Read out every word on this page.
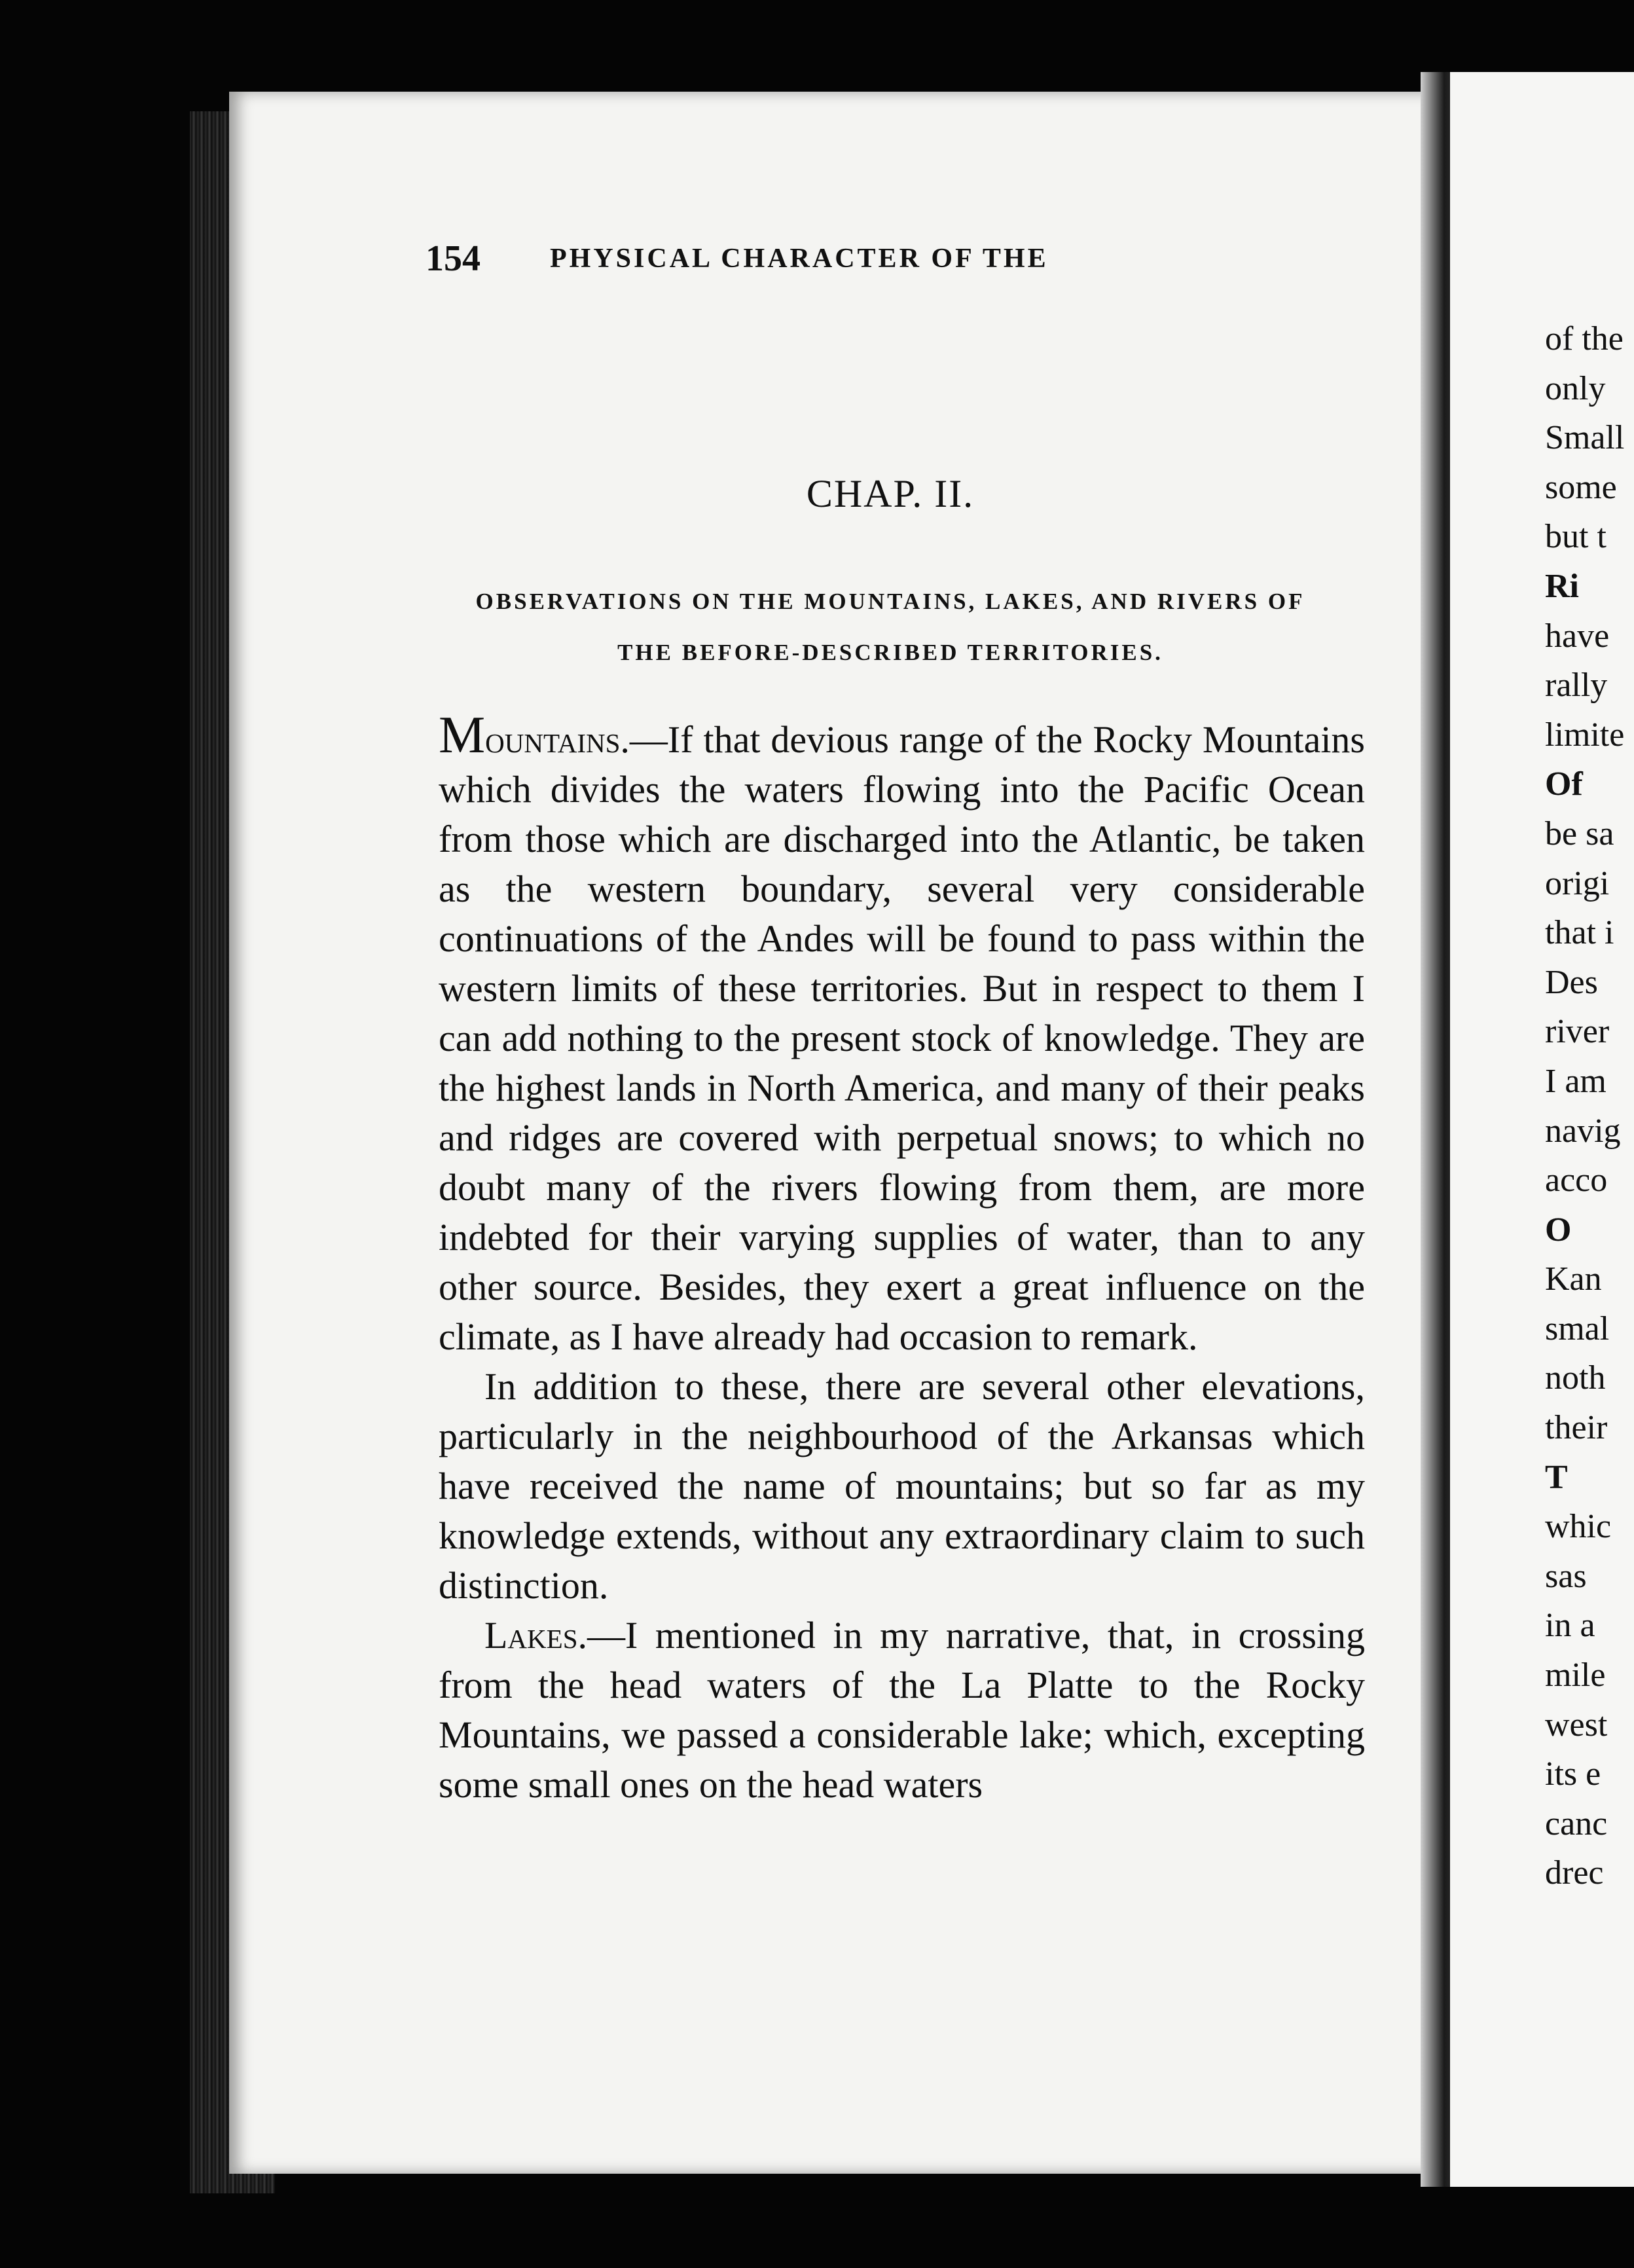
154	PHYSICAL CHARACTER OF THE
CHAP. II.
OBSERVATIONS ON THE MOUNTAINS, LAKES, AND RIVERS OF
THE BEFORE-DESCRIBED TERRITORIES.

Mountains.—If that devious range of the Rocky Mountains which divides the waters flowing into the Pacific Ocean from those which are discharged into the Atlantic, be taken as the western boundary, several very considerable continuations of the Andes will be found to pass within the western limits of these territories. But in respect to them I can add nothing to the present stock of knowledge. They are the highest lands in North America, and many of their peaks and ridges are covered with perpetual snows; to which no doubt many of the rivers flowing from them, are more indebted for their varying supplies of water, than to any other source. Besides, they exert a great influence on the climate, as I have already had occasion to remark.

In addition to these, there are several other elevations, particularly in the neighbourhood of the Arkansas which have received the name of mountains; but so far as my knowledge extends, without any extraordinary claim to such distinction.

Lakes.—I mentioned in my narrative, that, in crossing from the head waters of the La Platte to the Rocky Mountains, we passed a considerable lake; which, excepting some small ones on the head waters

of the
only
Small
some
but t
Ri
have
rally
limite
Of
be sa
origi
that i
Des
river
I am
navig
acco
O
Kan
smal
noth
their
T
whic
sas
in a
mile
west
its e
canc
drec
